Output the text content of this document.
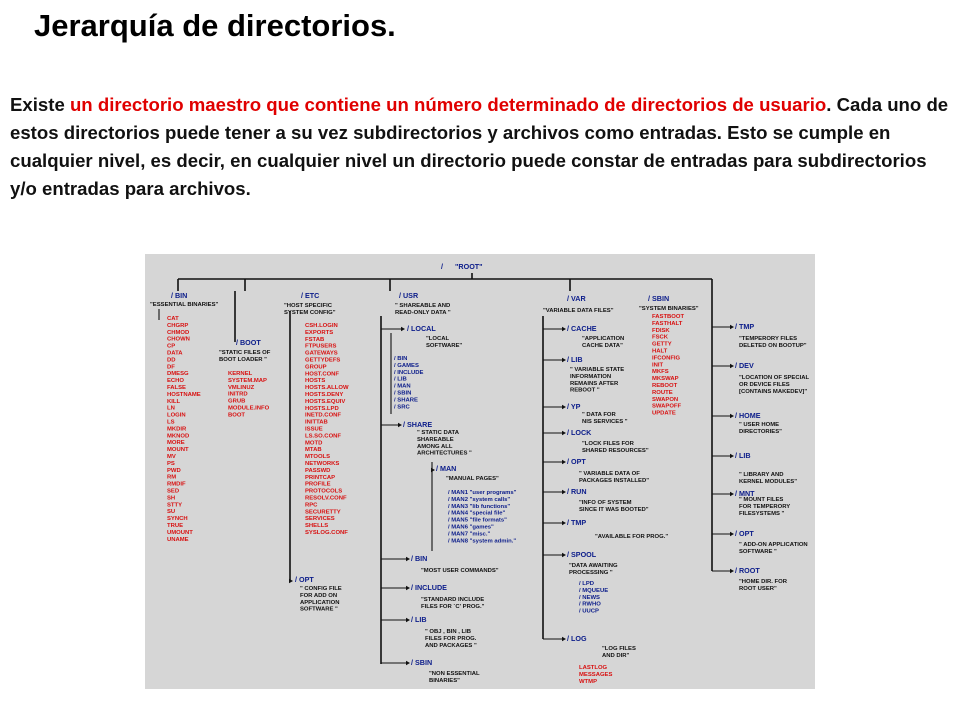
Jerarquía de directorios.
Existe un directorio maestro que contiene un número determinado de directorios de usuario. Cada uno de estos directorios puede tener a su vez subdirectorios y archivos como entradas. Esto se cumple en cualquier nivel, es decir, en cualquier nivel un directorio puede constar de entradas para subdirectorios y/o entradas para archivos.
/ "ROOT"
/ BIN
"ESSENTIAL BINARIES"
CAT
CHGRP
CHMOD
CHOWN
CP
DATA
DD
DF
DMESG
ECHO
FALSE
HOSTNAME
KILL
LN
LOGIN
LS
MKDIR
MKNOD
MORE
MOUNT
MV
PS
PWD
RM
RMDIF
SED
SH
STTY
SU
SYNCH
TRUE
UMOUNT
UNAME
/ BOOT
"STATIC FILES OF
BOOT LOADER "
KERNEL
SYSTEM.MAP
VMLINUZ
INITRD
GRUB
MODULE.INFO
BOOT
/ ETC
"HOST SPECIFIC
SYSTEM CONFIG"
CSH.LOGIN
EXPORTS
FSTAB
FTPUSERS
GATEWAYS
GETTYDEFS
GROUP
HOST.CONF
HOSTS
HOSTS.ALLOW
HOSTS.DENY
HOSTS.EQUIV
HOSTS.LPD
INETD.CONF
INITTAB
ISSUE
LS.SO.CONF
MOTD
MTAB
MTOOLS
NETWORKS
PASSWD
PRINTCAP
PROFILE
PROTOCOLS
RESOLV.CONF
RPC
SECURETTY
SERVICES
SHELLS
SYSLOG.CONF
/ OPT
" CONFIG FILE
FOR ADD ON
APPLICATION
SOFTWARE "
/ USR
" SHAREABLE AND
READ-ONLY DATA "
/ LOCAL
"LOCAL
SOFTWARE"
/ BIN
/ GAMES
/ INCLUDE
/ LIB
/ MAN
/ SBIN
/ SHARE
/ SRC
/ SHARE
" STATIC DATA
SHAREABLE
AMONG ALL
ARCHITECTURES "
/ MAN
"MANUAL PAGES"
/ MAN1 "user programs"
/ MAN2 "system calls"
/ MAN3 "lib functions"
/ MAN4 "special file"
/ MAN5 "file formats"
/ MAN6 "games"
/ MAN7 "misc."
/ MAN8 "system admin."
/ BIN
"MOST USER COMMANDS"
/ INCLUDE
"STANDARD INCLUDE
FILES FOR `C' PROG."
/ LIB
" OBJ , BIN , LIB
FILES FOR PROG.
AND PACKAGES "
/ SBIN
"NON ESSENTIAL
BINARIES"
/ VAR
"VARIABLE DATA FILES"
/ CACHE
"APPLICATION
CACHE DATA"
/ LIB
" VARIABLE STATE
INFORMATION
REMAINS AFTER
REBOOT "
/ YP
" DATA FOR
NIS SERVICES "
/ LOCK
"LOCK FILES FOR
SHARED RESOURCES"
/ OPT
" VARIABLE DATA OF
PACKAGES INSTALLED"
/ RUN
"INFO OF SYSTEM
SINCE IT WAS BOOTED"
/ TMP
"AVAILABLE FOR PROG."
/ SPOOL
"DATA AWAITING
PROCESSING "
/ LOG
"LOG FILES
AND DIR"
/ LPD
/ MQUEUE
/ NEWS
/ RWHO
/ UUCP
LASTLOG
MESSAGES
WTMP
/ SBIN
"SYSTEM BINARIES"
FASTBOOT
FASTHALT
FDISK
FSCK
GETTY
HALT
IFCONFIG
INIT
MKFS
MKSWAP
REBOOT
ROUTE
SWAPON
SWAPOFF
UPDATE
/ TMP
"TEMPERORY FILES
DELETED ON BOOTUP"
/ DEV
"LOCATION OF SPECIAL
OR DEVICE FILES
[CONTAINS MAKEDEV]"
/ HOME
" USER HOME
DIRECTORIES"
/ LIB
" LIBRARY AND
KERNEL MODULES"
/ MNT
" MOUNT FILES
FOR TEMPERORY
FILESYSTEMS "
/ OPT
" ADD-ON APPLICATION
SOFTWARE "
/ ROOT
"HOME DIR. FOR
ROOT USER"
